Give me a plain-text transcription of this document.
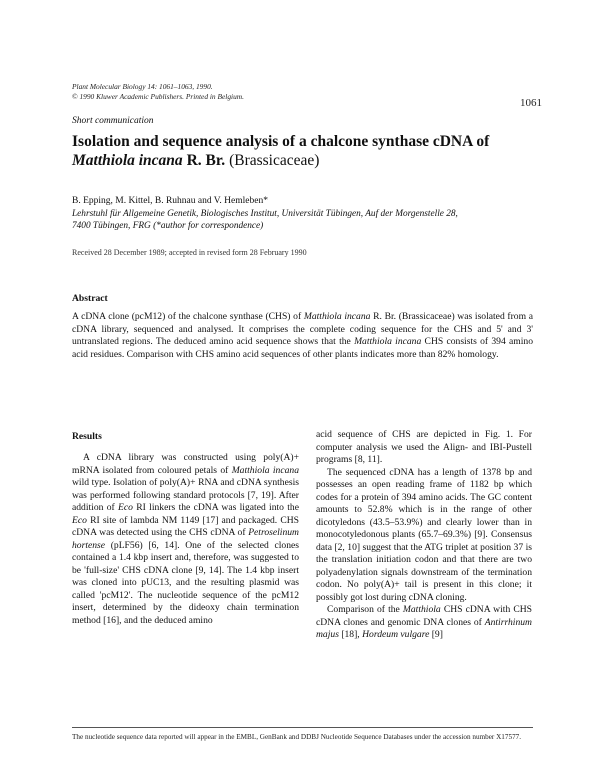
Plant Molecular Biology 14: 1061–1063, 1990.
© 1990 Kluwer Academic Publishers. Printed in Belgium.
1061
Short communication
Isolation and sequence analysis of a chalcone synthase cDNA of
Matthiola incana R. Br. (Brassicaceae)
B. Epping, M. Kittel, B. Ruhnau and V. Hemleben*
Lehrstuhl für Allgemeine Genetik, Biologisches Institut, Universität Tübingen, Auf der Morgenstelle 28,
7400 Tübingen, FRG (*author for correspondence)
Received 28 December 1989; accepted in revised form 28 February 1990
Abstract

A cDNA clone (pcM12) of the chalcone synthase (CHS) of Matthiola incana R. Br. (Brassicaceae) was isolated from a cDNA library, sequenced and analysed. It comprises the complete coding sequence for the CHS and 5' and 3' untranslated regions. The deduced amino acid sequence shows that the Matthiola incana CHS consists of 394 amino acid residues. Comparison with CHS amino acid sequences of other plants indicates more than 82% homology.

Results

A cDNA library was constructed using poly(A)+ mRNA isolated from coloured petals of Matthiola incana wild type. Isolation of poly(A)+ RNA and cDNA synthesis was performed following standard protocols [7, 19]. After addition of Eco RI linkers the cDNA was ligated into the Eco RI site of lambda NM 1149 [17] and packaged. CHS cDNA was detected using the CHS cDNA of Petroselinum hortense (pLF56) [6, 14]. One of the selected clones contained a 1.4 kbp insert and, therefore, was suggested to be 'full-size' CHS cDNA clone [9, 14]. The 1.4 kbp insert was cloned into pUC13, and the resulting plasmid was called 'pcM12'. The nucleotide sequence of the pcM12 insert, determined by the dideoxy chain termination method [16], and the deduced amino

acid sequence of CHS are depicted in Fig. 1. For computer analysis we used the Align- and IBI-Pustell programs [8, 11].

The sequenced cDNA has a length of 1378 bp and possesses an open reading frame of 1182 bp which codes for a protein of 394 amino acids. The GC content amounts to 52.8% which is in the range of other dicotyledons (43.5–53.9%) and clearly lower than in monocotyledonous plants (65.7–69.3%) [9]. Consensus data [2, 10] suggest that the ATG triplet at position 37 is the translation initiation codon and that there are two polyadenylation signals downstream of the termination codon. No poly(A)+ tail is present in this clone; it possibly got lost during cDNA cloning.

Comparison of the Matthiola CHS cDNA with CHS cDNA clones and genomic DNA clones of Antirrhinum majus [18], Hordeum vulgare [9]

The nucleotide sequence data reported will appear in the EMBL, GenBank and DDBJ Nucleotide Sequence Databases under the accession number X17577.
